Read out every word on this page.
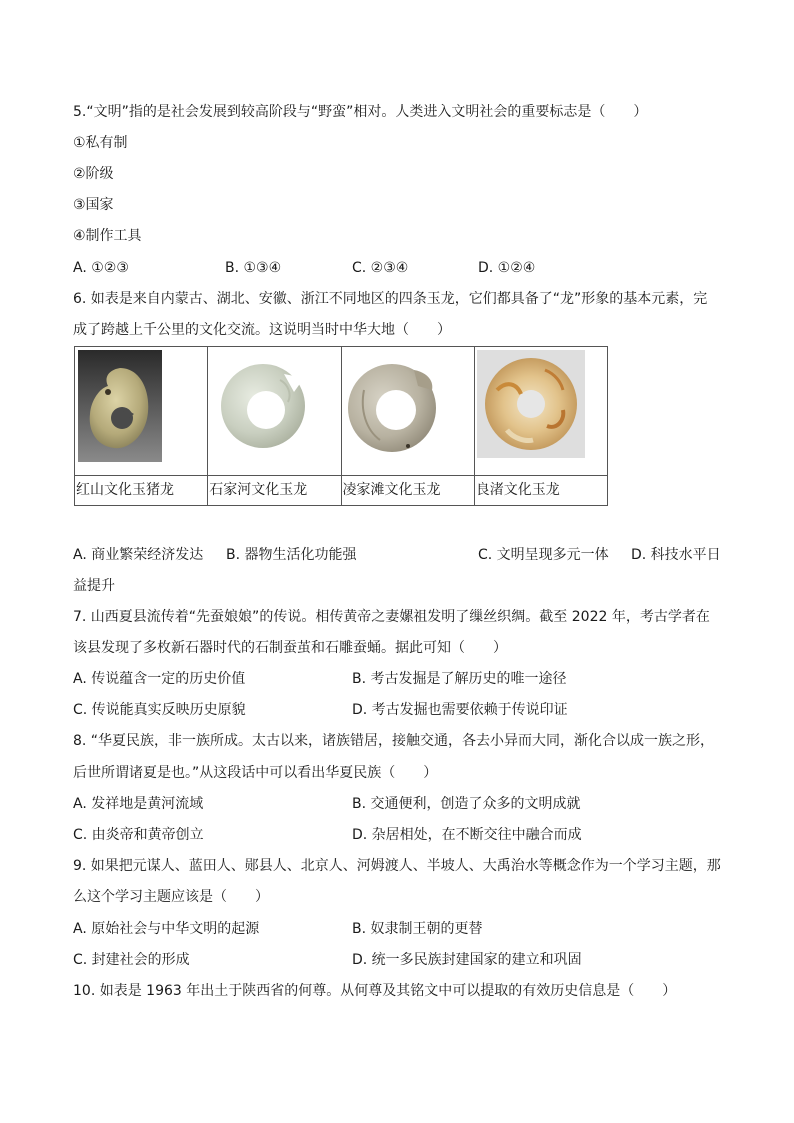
5.“文明”指的是社会发展到较高阶段与“野蛮”相对。人类进入文明社会的重要标志是（　　）
①私有制
②阶级
③国家
④制作工具
A. ①②③	B. ①③④	C. ②③④	D. ①②④
6. 如表是来自内蒙古、湖北、安徽、浙江不同地区的四条玉龙，它们都具备了“龙”形象的基本元素，完
成了跨越上千公里的文化交流。这说明当时中华大地（　　）

红山文化玉猪龙	石家河文化玉龙	凌家滩文化玉龙	良渚文化玉龙
A. 商业繁荣经济发达 B. 器物生活化功能强	C. 文明呈现多元一体 D. 科技水平日
益提升
7. 山西夏县流传着“先蚕娘娘”的传说。相传黄帝之妻嫘祖发明了缫丝织绸。截至 2022 年，考古学者在
该县发现了多枚新石器时代的石制蚕茧和石雕蚕蛹。据此可知（　　）
A. 传说蕴含一定的历史价值	B. 考古发掘是了解历史的唯一途径
C. 传说能真实反映历史原貌	D. 考古发掘也需要依赖于传说印证
8. “华夏民族，非一族所成。太古以来，诸族错居，接触交通，各去小异而大同，渐化合以成一族之形，
后世所谓诸夏是也。”从这段话中可以看出华夏民族（　　）
A. 发祥地是黄河流域	B. 交通便利，创造了众多的文明成就
C. 由炎帝和黄帝创立	D. 杂居相处，在不断交往中融合而成
9. 如果把元谋人、蓝田人、郧县人、北京人、河姆渡人、半坡人、大禹治水等概念作为一个学习主题，那
么这个学习主题应该是（　　）
A. 原始社会与中华文明的起源	B. 奴隶制王朝的更替
C. 封建社会的形成	D. 统一多民族封建国家的建立和巩固
10. 如表是 1963 年出土于陕西省的何尊。从何尊及其铭文中可以提取的有效历史信息是（　　）
